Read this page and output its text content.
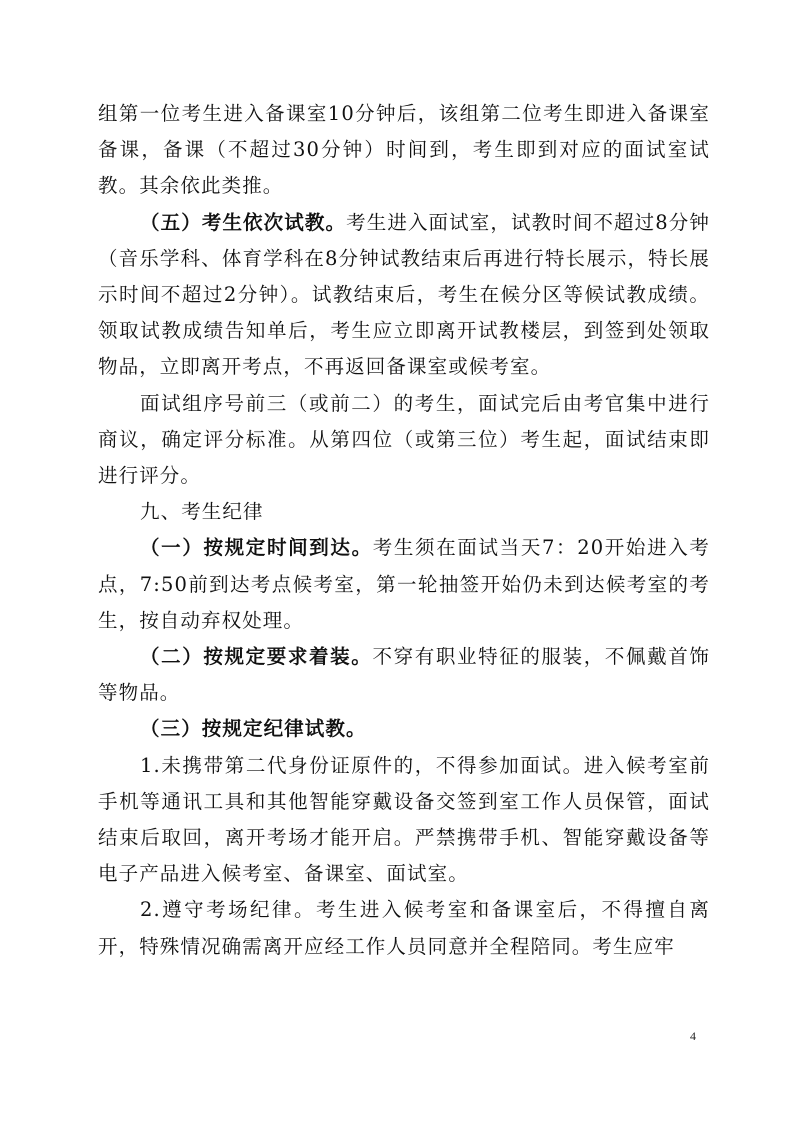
组第一位考生进入备课室10分钟后，该组第二位考生即进入备课室备课，备课（不超过30分钟）时间到，考生即到对应的面试室试教。其余依此类推。

（五）考生依次试教。考生进入面试室，试教时间不超过8分钟（音乐学科、体育学科在8分钟试教结束后再进行特长展示，特长展示时间不超过2分钟）。试教结束后，考生在候分区等候试教成绩。领取试教成绩告知单后，考生应立即离开试教楼层，到签到处领取物品，立即离开考点，不再返回备课室或候考室。

面试组序号前三（或前二）的考生，面试完后由考官集中进行商议，确定评分标准。从第四位（或第三位）考生起，面试结束即进行评分。

九、考生纪律

（一）按规定时间到达。考生须在面试当天7：20开始进入考点，7:50前到达考点候考室，第一轮抽签开始仍未到达候考室的考生，按自动弃权处理。

（二）按规定要求着装。不穿有职业特征的服装，不佩戴首饰等物品。

（三）按规定纪律试教。

1.未携带第二代身份证原件的，不得参加面试。进入候考室前手机等通讯工具和其他智能穿戴设备交签到室工作人员保管，面试结束后取回，离开考场才能开启。严禁携带手机、智能穿戴设备等电子产品进入候考室、备课室、面试室。

2.遵守考场纪律。考生进入候考室和备课室后，不得擅自离开，特殊情况确需离开应经工作人员同意并全程陪同。考生应牢

4
